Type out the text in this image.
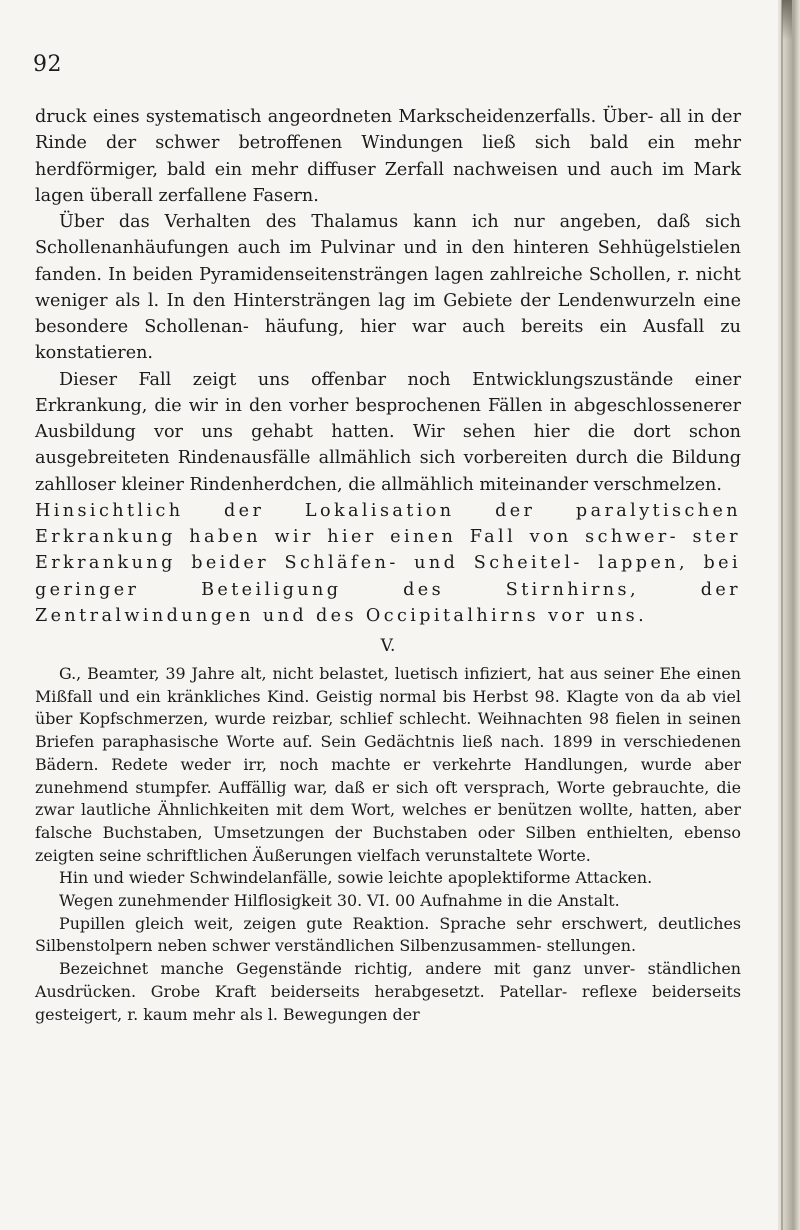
92

druck eines systematisch angeordneten Markscheidenzerfalls. Über- all in der Rinde der schwer betroffenen Windungen ließ sich bald ein mehr herdförmiger, bald ein mehr diffuser Zerfall nachweisen und auch im Mark lagen überall zerfallene Fasern.

Über das Verhalten des Thalamus kann ich nur angeben, daß sich Schollenanhäufungen auch im Pulvinar und in den hinteren Sehhügelstielen fanden. In beiden Pyramidenseitensträngen lagen zahlreiche Schollen, r. nicht weniger als l. In den Hintersträngen lag im Gebiete der Lendenwurzeln eine besondere Schollenan- häufung, hier war auch bereits ein Ausfall zu konstatieren.

Dieser Fall zeigt uns offenbar noch Entwicklungszustände einer Erkrankung, die wir in den vorher besprochenen Fällen in abgeschlossenerer Ausbildung vor uns gehabt hatten. Wir sehen hier die dort schon ausgebreiteten Rindenausfälle allmählich sich vorbereiten durch die Bildung zahlloser kleiner Rindenherdchen, die allmählich miteinander verschmelzen.

Hinsichtlich der Lokalisation der paralytischen Erkrankung haben wir hier einen Fall von schwer- ster Erkrankung beider Schläfen- und Scheitel- lappen, bei geringer Beteiligung des Stirnhirns, der Zentralwindungen und des Occipitalhirns vor uns.

V.

G., Beamter, 39 Jahre alt, nicht belastet, luetisch infiziert, hat aus seiner Ehe einen Mißfall und ein kränkliches Kind. Geistig normal bis Herbst 98. Klagte von da ab viel über Kopfschmerzen, wurde reizbar, schlief schlecht. Weihnachten 98 fielen in seinen Briefen paraphasische Worte auf. Sein Gedächtnis ließ nach. 1899 in verschiedenen Bädern. Redete weder irr, noch machte er verkehrte Handlungen, wurde aber zunehmend stumpfer. Auffällig war, daß er sich oft versprach, Worte gebrauchte, die zwar lautliche Ähnlichkeiten mit dem Wort, welches er benützen wollte, hatten, aber falsche Buchstaben, Umsetzungen der Buchstaben oder Silben enthielten, ebenso zeigten seine schriftlichen Äußerungen vielfach verunstaltete Worte.

Hin und wieder Schwindelanfälle, sowie leichte apoplektiforme Attacken.

Wegen zunehmender Hilflosigkeit 30. VI. 00 Aufnahme in die Anstalt.

Pupillen gleich weit, zeigen gute Reaktion. Sprache sehr erschwert, deutliches Silbenstolpern neben schwer verständlichen Silbenzusammen- stellungen.

Bezeichnet manche Gegenstände richtig, andere mit ganz unver- ständlichen Ausdrücken. Grobe Kraft beiderseits herabgesetzt. Patellar- reflexe beiderseits gesteigert, r. kaum mehr als l. Bewegungen der
